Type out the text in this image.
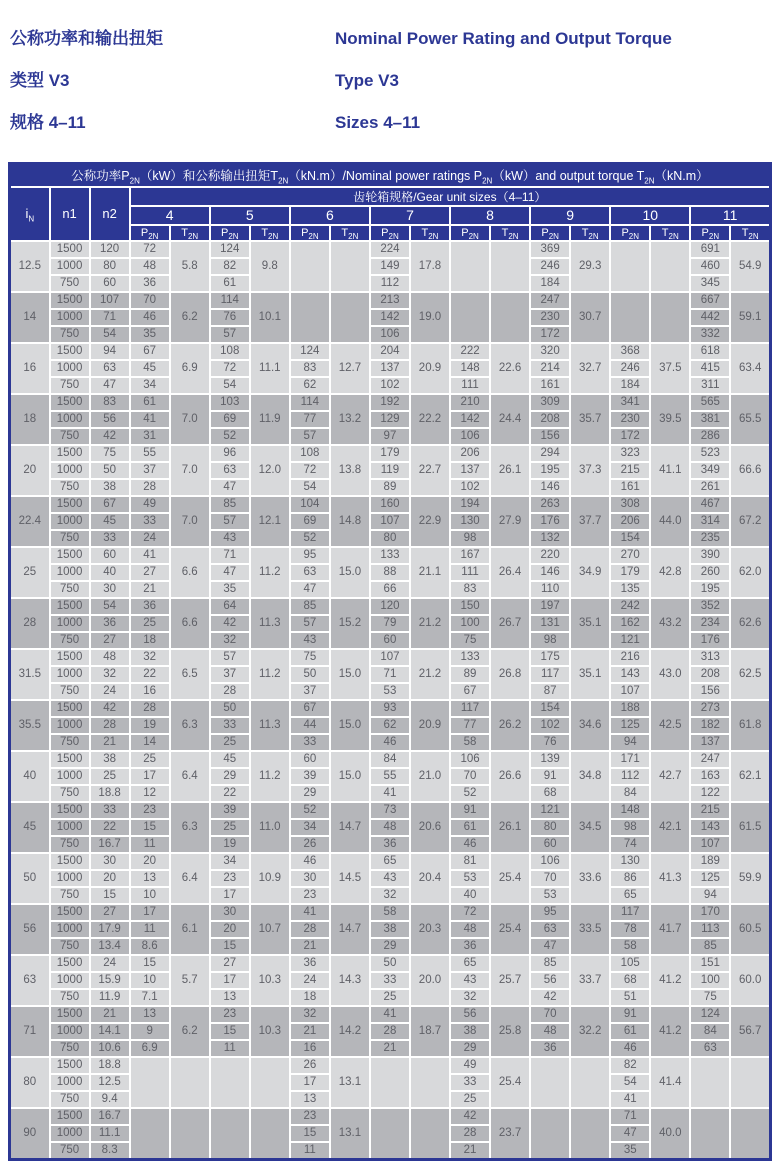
公称功率和输出扭矩

类型 V3

规格 4–11

Nominal Power Rating and Output Torque

Type V3

Sizes 4–11

公称功率$P_{2N}(kW)$和公称输出扭矩$T_{2N}(kN.m)$/Nominal power ratings $P_{2N}(kW)and$ output torque $T_{2N}(kN.m)$																		
$i_N$	n1	n2	齿轮箱规格/Gear unit sizes（4–11）															
			4		5		6		7		8		9		10		11	
			$P_{2N}$	$T_{2N}$	$P_{2N}$	$T_{2N}$	$P_{2N}$	$T_{2N}$	$P_{2N}$	$T_{2N}$	$P_{2N}$	$T_{2N}$	$P_{2N}$	$T_{2N}$	$P_{2N}$	$T_{2N}$	$P_{2N}$	$T_{2N}$
12.5	1500	120	72	5.8	124	9.8			224	17.8			369	29.3			691	54.9
	1000	80	48		82				149				246				460	
	750	60	36		61				112				184				345	
14	1500	107	70	6.2	114	10.1			213	19.0			247	30.7			667	59.1
	1000	71	46		76				142				230				442	
	750	54	35		57				106				172				332	
16	1500	94	67	6.9	108	11.1	124	12.7	204	20.9	222	22.6	320	32.7	368	37.5	618	63.4
	1000	63	45		72		83		137		148		214		246		415	
	750	47	34		54		62		102		111		161		184		311	
18	1500	83	61	7.0	103	11.9	114	13.2	192	22.2	210	24.4	309	35.7	341	39.5	565	65.5
	1000	56	41		69		77		129		142		208		230		381	
	750	42	31		52		57		97		106		156		172		286	
20	1500	75	55	7.0	96	12.0	108	13.8	179	22.7	206	26.1	294	37.3	323	41.1	523	66.6
	1000	50	37		63		72		119		137		195		215		349	
	750	38	28		47		54		89		102		146		161		261	
22.4	1500	67	49	7.0	85	12.1	104	14.8	160	22.9	194	27.9	263	37.7	308	44.0	467	67.2
	1000	45	33		57		69		107		130		176		206		314	
	750	33	24		43		52		80		98		132		154		235	
25	1500	60	41	6.6	71	11.2	95	15.0	133	21.1	167	26.4	220	34.9	270	42.8	390	62.0
	1000	40	27		47		63		88		111		146		179		260	
	750	30	21		35		47		66		83		110		135		195	
28	1500	54	36	6.6	64	11.3	85	15.2	120	21.2	150	26.7	197	35.1	242	43.2	352	62.6
	1000	36	25		42		57		79		100		131		162		234	
	750	27	18		32		43		60		75		98		121		176	
31.5	1500	48	32	6.5	57	11.2	75	15.0	107	21.2	133	26.8	175	35.1	216	43.0	313	62.5
	1000	32	22		37		50		71		89		117		143		208	
	750	24	16		28		37		53		67		87		107		156	
35.5	1500	42	28	6.3	50	11.3	67	15.0	93	20.9	117	26.2	154	34.6	188	42.5	273	61.8
	1000	28	19		33		44		62		77		102		125		182	
	750	21	14		25		33		46		58		76		94		137	
40	1500	38	25	6.4	45	11.2	60	15.0	84	21.0	106	26.6	139	34.8	171	42.7	247	62.1
	1000	25	17		29		39		55		70		91		112		163	
	750	18.8	12		22		29		41		52		68		84		122	
45	1500	33	23	6.3	39	11.0	52	14.7	73	20.6	91	26.1	121	34.5	148	42.1	215	61.5
	1000	22	15		25		34		48		61		80		98		143	
	750	16.7	11		19		26		36		46		60		74		107	
50	1500	30	20	6.4	34	10.9	46	14.5	65	20.4	81	25.4	106	33.6	130	41.3	189	59.9
	1000	20	13		23		30		43		53		70		86		125	
	750	15	10		17		23		32		40		53		65		94	
56	1500	27	17	6.1	30	10.7	41	14.7	58	20.3	72	25.4	95	33.5	117	41.7	170	60.5
	1000	17.9	11		20		28		38		48		63		78		113	
	750	13.4	8.6		15		21		29		36		47		58		85	
63	1500	24	15	5.7	27	10.3	36	14.3	50	20.0	65	25.7	85	33.7	105	41.2	151	60.0
	1000	15.9	10		17		24		33		43		56		68		100	
	750	11.9	7.1		13		18		25		32		42		51		75	
71	1500	21	13	6.2	23	10.3	32	14.2	41	18.7	56	25.8	70	32.2	91	41.2	124	56.7
	1000	14.1	9		15		21		28		38		48		61		84	
	750	10.6	6.9		11		16		21		29		36		46		63	
80	1500	18.8					26	13.1			49	25.4			82	41.4		
	1000	12.5					17				33				54			
	750	9.4					13				25				41			
90	1500	16.7					23	13.1			42	23.7			71	40.0		
	1000	11.1					15				28				47			
	750	8.3					11				21				35			
